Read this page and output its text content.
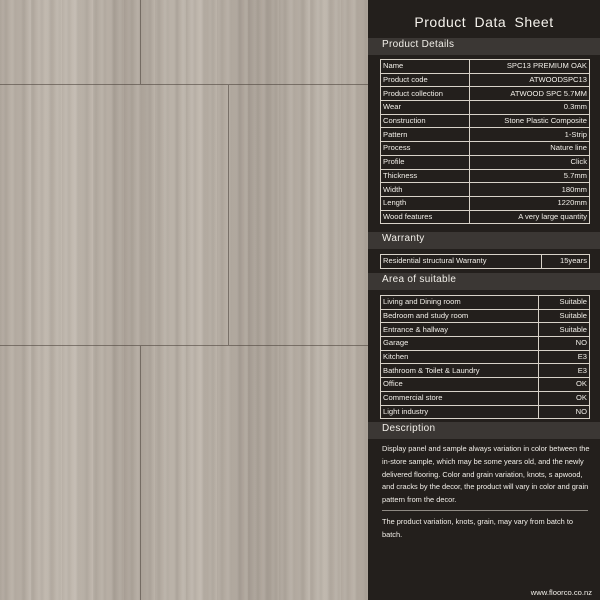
Product Data Sheet
Product Details
Name	SPC13 PREMIUM OAK
Product code	ATWOODSPC13
Product collection	ATWOOD SPC 5.7MM
Wear	0.3mm
Construction	Stone Plastic Composite
Pattern	1-Strip
Process	Nature line
Profile	Click
Thickness	5.7mm
Width	180mm
Length	1220mm
Wood features	A very large quantity
Warranty
Residential structural Warranty	15years
Area of suitable
Living and Dining room	Suitable
Bedroom and study room	Suitable
Entrance & hallway	Suitable
Garage	NO
Kitchen	E3
Bathroom & Toilet & Laundry	E3
Office	OK
Commercial store	OK
Light industry	NO
Description
Display panel and sample always variation in color between the in-store sample, which may be some years old, and the newly delivered flooring. Color and grain variation, knots, s apwood, and cracks by the decor, the product will vary in color and grain pattern from the decor.
The product variation, knots, grain, may vary from batch to batch.
www.floorco.co.nz
